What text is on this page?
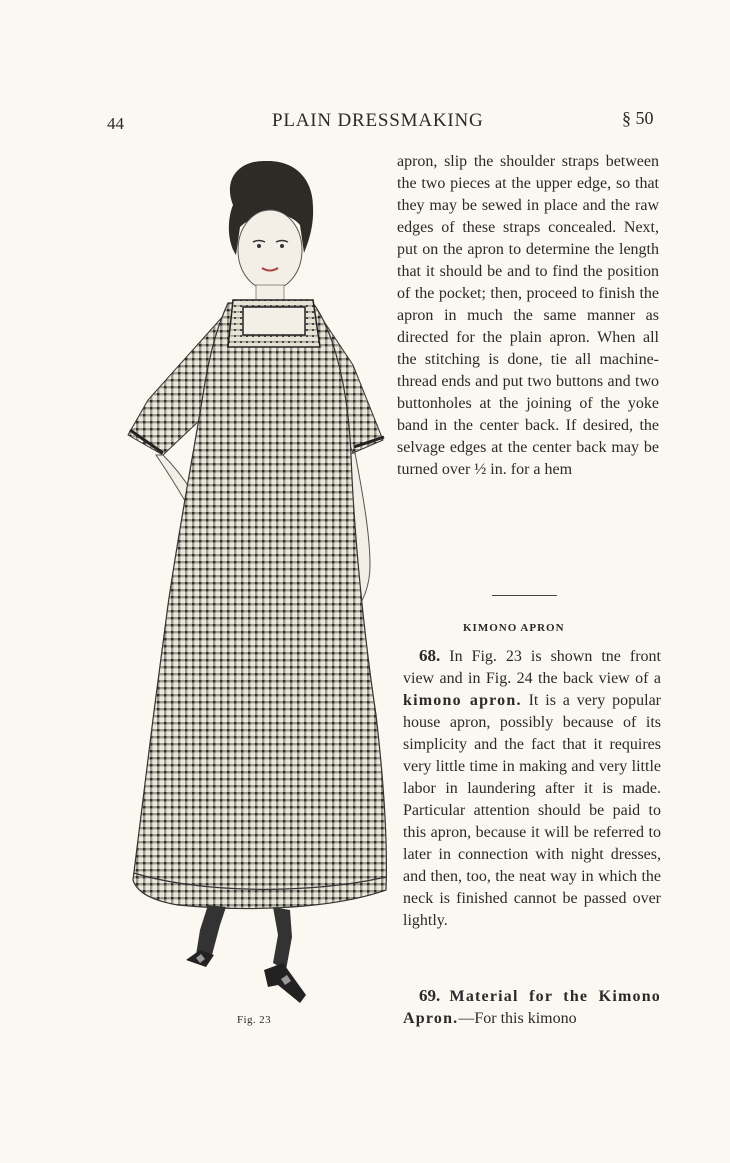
44	PLAIN DRESSMAKING	§ 50
Fig. 23

apron, slip the shoulder straps between the two pieces at the upper edge, so that they may be sewed in place and the raw edges of these straps concealed. Next, put on the apron to determine the length that it should be and to find the position of the pocket; then, proceed to finish the apron in much the same manner as directed for the plain apron. When all the stitching is done, tie all machine-thread ends and put two buttons and two buttonholes at the joining of the yoke band in the center back. If desired, the selvage edges at the center back may be turned over ½ in. for a hem

KIMONO APRON

68. In Fig. 23 is shown tne front view and in Fig. 24 the back view of a kimono apron. It is a very popular house apron, possibly because of its simplicity and the fact that it requires very little time in making and very little labor in laundering after it is made. Particular attention should be paid to this apron, because it will be referred to later in connection with night dresses, and then, too, the neat way in which the neck is finished cannot be passed over lightly.

69. Material for the Kimono Apron.—For this kimono
